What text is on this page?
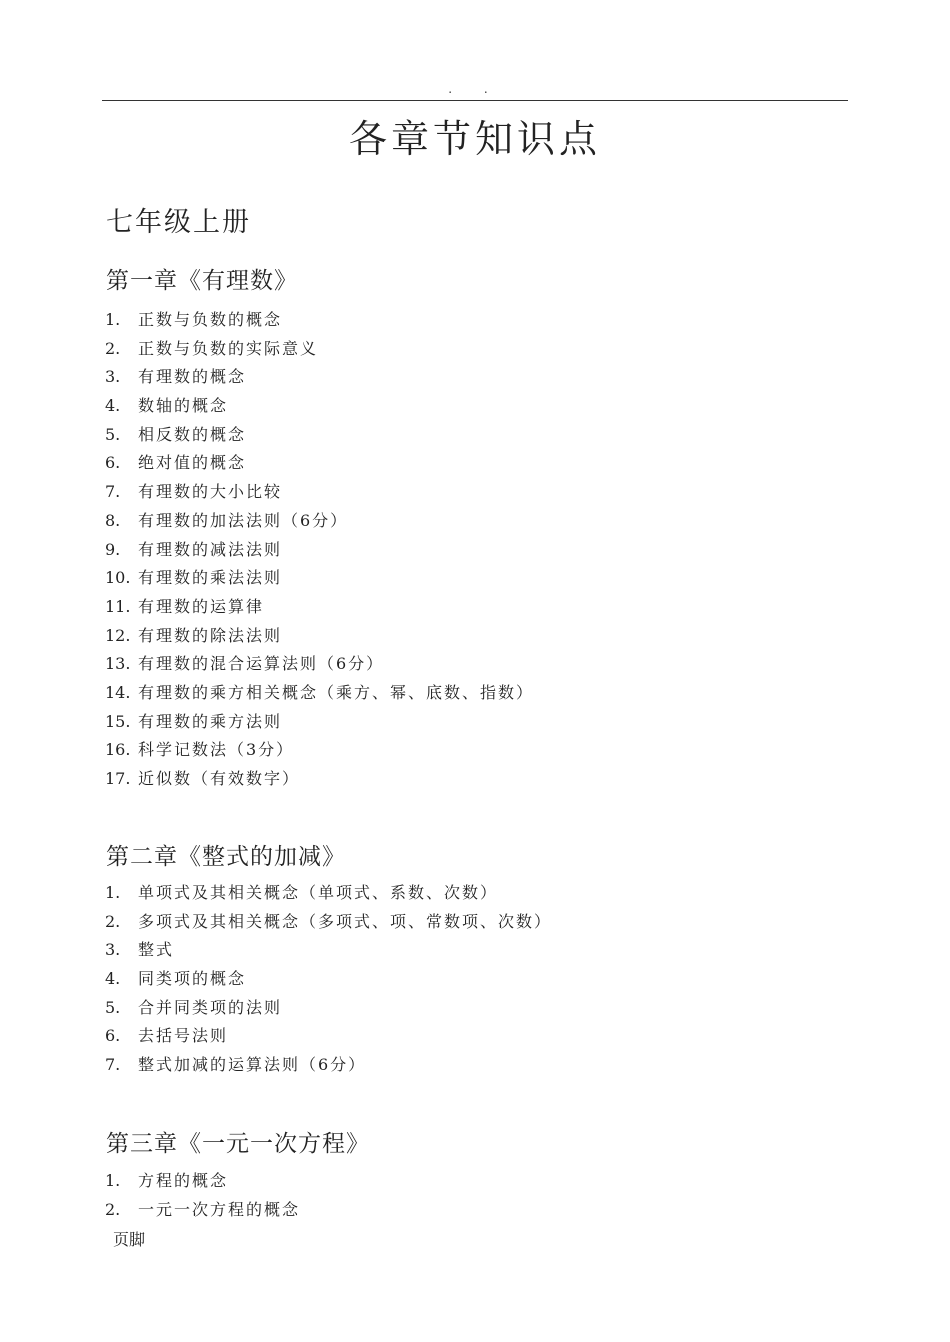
. .
各章节知识点
七年级上册
第一章《有理数》
1.	正数与负数的概念
2.	正数与负数的实际意义
3.	有理数的概念
4.	数轴的概念
5.	相反数的概念
6.	绝对值的概念
7.	有理数的大小比较
8.	有理数的加法法则（6分）
9.	有理数的减法法则
10. 有理数的乘法法则
11. 有理数的运算律
12. 有理数的除法法则
13. 有理数的混合运算法则（6分）
14. 有理数的乘方相关概念（乘方、幂、底数、指数）
15. 有理数的乘方法则
16. 科学记数法（3分）
17. 近似数（有效数字）
第二章《整式的加减》
1.	单项式及其相关概念（单项式、系数、次数）
2.	多项式及其相关概念（多项式、项、常数项、次数）
3.	整式
4.	同类项的概念
5.	合并同类项的法则
6.	去括号法则
7.	整式加减的运算法则（6分）
第三章《一元一次方程》
1.	方程的概念
2.	一元一次方程的概念
页脚
